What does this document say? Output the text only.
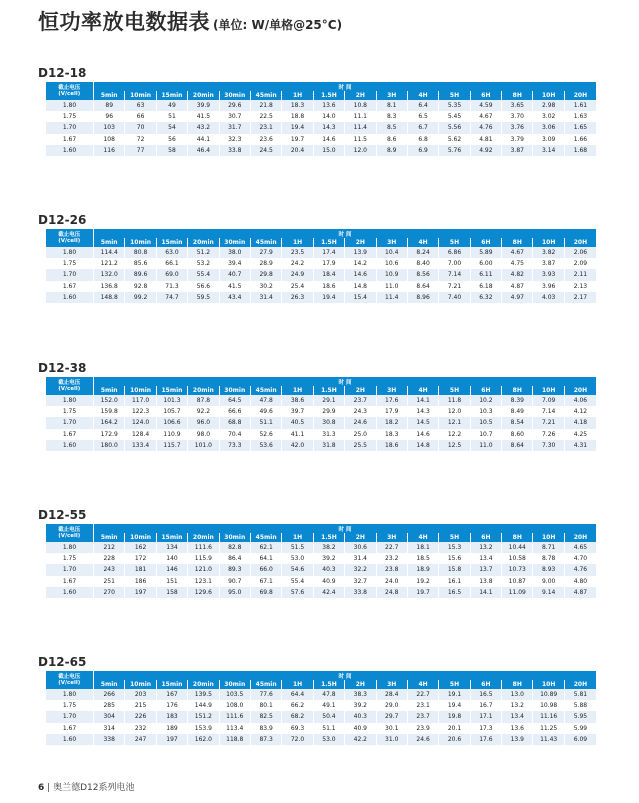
恒功率放电数据表 (单位: W/单格@25°C)
D12-18
截止电压
(V/cell)	时 间															
	5min	10min	15min	20min	30min	45min	1H	1.5H	2H	3H	4H	5H	6H	8H	10H	20H
1.80	89	63	49	39.9	29.6	21.8	18.3	13.6	10.8	8.1	6.4	5.35	4.59	3.65	2.98	1.61
1.75	96	66	51	41.5	30.7	22.5	18.8	14.0	11.1	8.3	6.5	5.45	4.67	3.70	3.02	1.63
1.70	103	70	54	43.2	31.7	23.1	19.4	14.3	11.4	8.5	6.7	5.56	4.76	3.76	3.06	1.65
1.67	108	72	56	44.1	32.3	23.6	19.7	14.6	11.5	8.6	6.8	5.62	4.81	3.79	3.09	1.66
1.60	116	77	58	46.4	33.8	24.5	20.4	15.0	12.0	8.9	6.9	5.76	4.92	3.87	3.14	1.68
D12-26
截止电压
(V/cell)	时 间															
	5min	10min	15min	20min	30min	45min	1H	1.5H	2H	3H	4H	5H	6H	8H	10H	20H
1.80	114.4	80.8	63.0	51.2	38.0	27.9	23.5	17.4	13.9	10.4	8.24	6.86	5.89	4.67	3.82	2.06
1.75	121.2	85.6	66.1	53.2	39.4	28.9	24.2	17.9	14.2	10.6	8.40	7.00	6.00	4.75	3.87	2.09
1.70	132.0	89.6	69.0	55.4	40.7	29.8	24.9	18.4	14.6	10.9	8.56	7.14	6.11	4.82	3.93	2.11
1.67	136.8	92.8	71.3	56.6	41.5	30.2	25.4	18.6	14.8	11.0	8.64	7.21	6.18	4.87	3.96	2.13
1.60	148.8	99.2	74.7	59.5	43.4	31.4	26.3	19.4	15.4	11.4	8.96	7.40	6.32	4.97	4.03	2.17
D12-38
截止电压
(V/cell)	时 间															
	5min	10min	15min	20min	30min	45min	1H	1.5H	2H	3H	4H	5H	6H	8H	10H	20H
1.80	152.0	117.0	101.3	87.8	64.5	47.8	38.6	29.1	23.7	17.6	14.1	11.8	10.2	8.39	7.09	4.06
1.75	159.8	122.3	105.7	92.2	66.6	49.6	39.7	29.9	24.3	17.9	14.3	12.0	10.3	8.49	7.14	4.12
1.70	164.2	124.0	106.6	96.0	68.8	51.1	40.5	30.8	24.6	18.2	14.5	12.1	10.5	8.54	7.21	4.18
1.67	172.9	128.4	110.9	98.0	70.4	52.6	41.1	31.3	25.0	18.3	14.6	12.2	10.7	8.60	7.26	4.25
1.60	180.0	133.4	115.7	101.0	73.3	53.6	42.0	31.8	25.5	18.6	14.8	12.5	11.0	8.64	7.30	4.31
D12-55
截止电压
(V/cell)	时 间															
	5min	10min	15min	20min	30min	45min	1H	1.5H	2H	3H	4H	5H	6H	8H	10H	20H
1.80	212	162	134	111.6	82.8	62.1	51.5	38.2	30.6	22.7	18.1	15.3	13.2	10.44	8.71	4.65
1.75	228	172	140	115.9	86.4	64.1	53.0	39.2	31.4	23.2	18.5	15.6	13.4	10.58	8.78	4.70
1.70	243	181	146	121.0	89.3	66.0	54.6	40.3	32.2	23.8	18.9	15.8	13.7	10.73	8.93	4.76
1.67	251	186	151	123.1	90.7	67.1	55.4	40.9	32.7	24.0	19.2	16.1	13.8	10.87	9.00	4.80
1.60	270	197	158	129.6	95.0	69.8	57.6	42.4	33.8	24.8	19.7	16.5	14.1	11.09	9.14	4.87
D12-65
截止电压
(V/cell)	时 间															
	5min	10min	15min	20min	30min	45min	1H	1.5H	2H	3H	4H	5H	6H	8H	10H	20H
1.80	266	203	167	139.5	103.5	77.6	64.4	47.8	38.3	28.4	22.7	19.1	16.5	13.0	10.89	5.81
1.75	285	215	176	144.9	108.0	80.1	66.2	49.1	39.2	29.0	23.1	19.4	16.7	13.2	10.98	5.88
1.70	304	226	183	151.2	111.6	82.5	68.2	50.4	40.3	29.7	23.7	19.8	17.1	13.4	11.16	5.95
1.67	314	232	189	153.9	113.4	83.9	69.3	51.1	40.9	30.1	23.9	20.1	17.3	13.6	11.25	5.99
1.60	338	247	197	162.0	118.8	87.3	72.0	53.0	42.2	31.0	24.6	20.6	17.6	13.9	11.43	6.09
6 | 奥兰德D12系列电池
